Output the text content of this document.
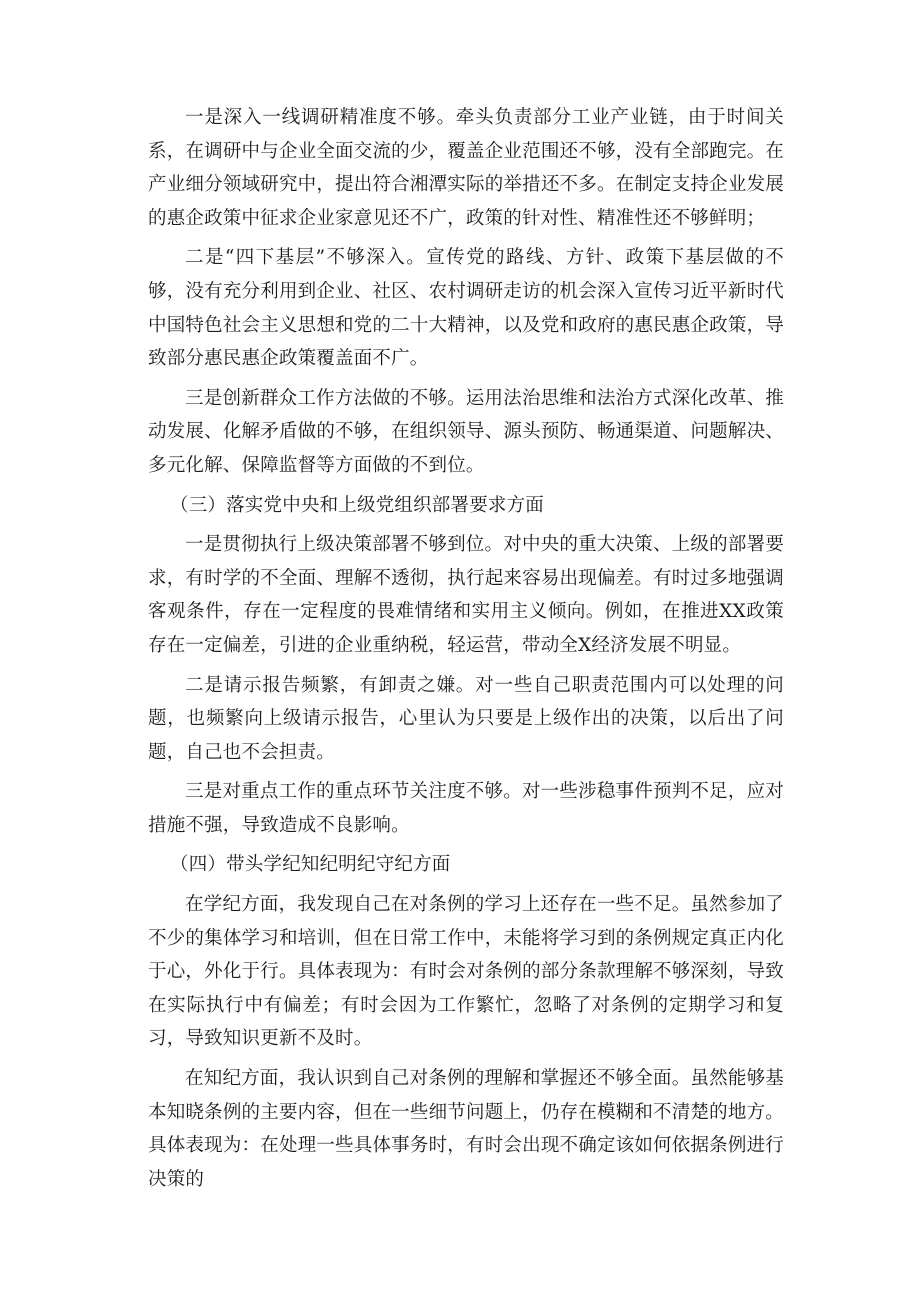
一是深入一线调研精准度不够。牵头负责部分工业产业链，由于时间关系，在调研中与企业全面交流的少，覆盖企业范围还不够，没有全部跑完。在产业细分领域研究中，提出符合湘潭实际的举措还不多。在制定支持企业发展的惠企政策中征求企业家意见还不广，政策的针对性、精准性还不够鲜明；

二是“四下基层”不够深入。宣传党的路线、方针、政策下基层做的不够，没有充分利用到企业、社区、农村调研走访的机会深入宣传习近平新时代中国特色社会主义思想和党的二十大精神，以及党和政府的惠民惠企政策，导致部分惠民惠企政策覆盖面不广。

三是创新群众工作方法做的不够。运用法治思维和法治方式深化改革、推动发展、化解矛盾做的不够，在组织领导、源头预防、畅通渠道、问题解决、多元化解、保障监督等方面做的不到位。

（三）落实党中央和上级党组织部署要求方面

一是贯彻执行上级决策部署不够到位。对中央的重大决策、上级的部署要求，有时学的不全面、理解不透彻，执行起来容易出现偏差。有时过多地强调客观条件，存在一定程度的畏难情绪和实用主义倾向。例如，在推进XX政策存在一定偏差，引进的企业重纳税，轻运营，带动全X经济发展不明显。

二是请示报告频繁，有卸责之嫌。对一些自己职责范围内可以处理的问题，也频繁向上级请示报告，心里认为只要是上级作出的决策，以后出了问题，自己也不会担责。

三是对重点工作的重点环节关注度不够。对一些涉稳事件预判不足，应对措施不强，导致造成不良影响。

（四）带头学纪知纪明纪守纪方面

在学纪方面，我发现自己在对条例的学习上还存在一些不足。虽然参加了不少的集体学习和培训，但在日常工作中，未能将学习到的条例规定真正内化于心，外化于行。具体表现为：有时会对条例的部分条款理解不够深刻，导致在实际执行中有偏差；有时会因为工作繁忙，忽略了对条例的定期学习和复习，导致知识更新不及时。

在知纪方面，我认识到自己对条例的理解和掌握还不够全面。虽然能够基本知晓条例的主要内容，但在一些细节问题上，仍存在模糊和不清楚的地方。具体表现为：在处理一些具体事务时，有时会出现不确定该如何依据条例进行决策的
